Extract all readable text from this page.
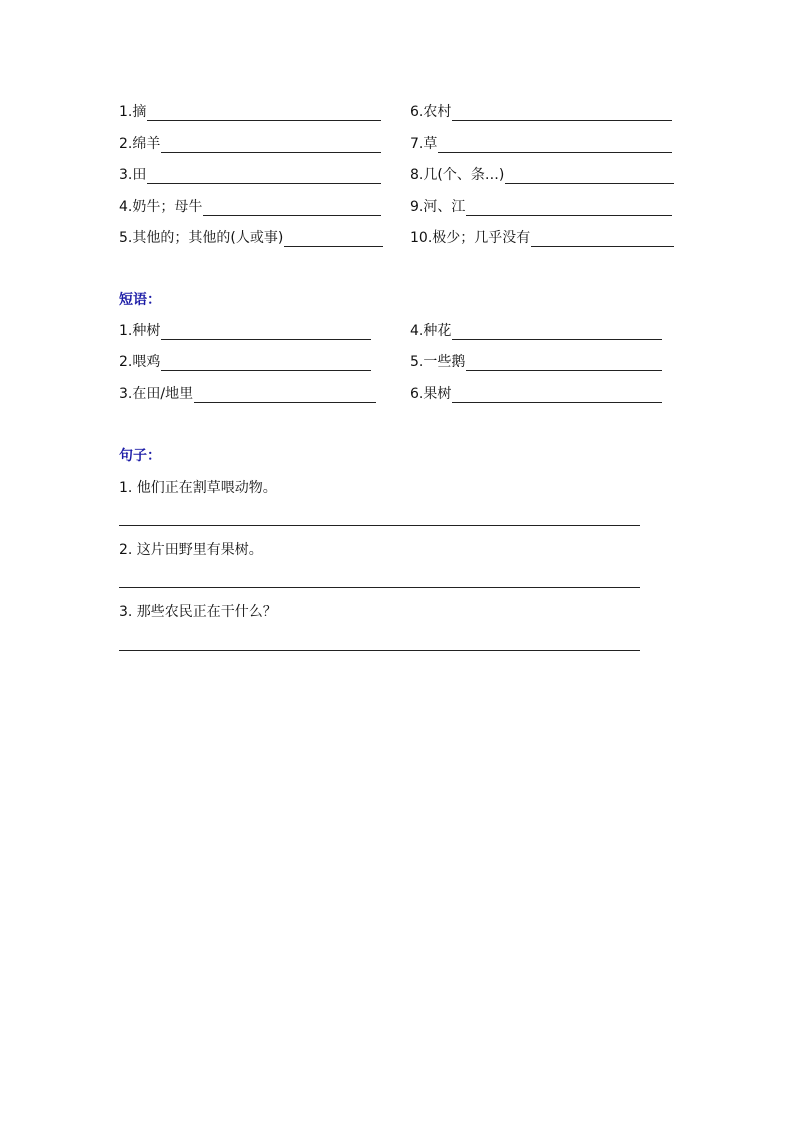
1.摘
2.绵羊
3.田
4.奶牛；母牛
5.其他的；其他的(人或事)
6.农村
7.草
8.几(个、条…)
9.河、江
10.极少；几乎没有
短语：
1.种树
2.喂鸡
3.在田/地里
4.种花
5.一些鹅
6.果树
句子：
1. 他们正在割草喂动物。
2. 这片田野里有果树。
3. 那些农民正在干什么？
